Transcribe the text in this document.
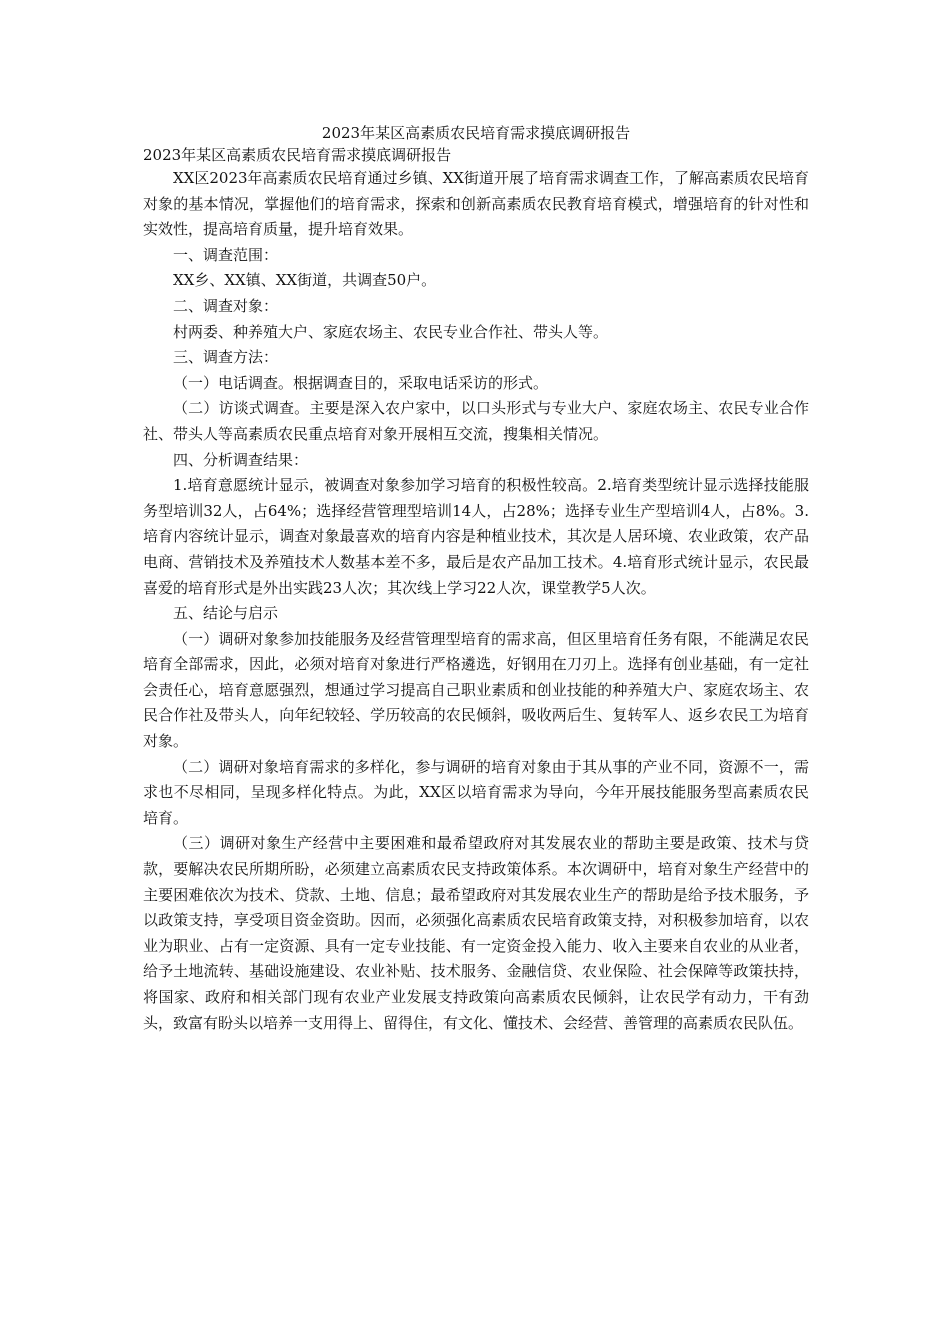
2023年某区高素质农民培育需求摸底调研报告

2023年某区高素质农民培育需求摸底调研报告

XX区2023年高素质农民培育通过乡镇、XX街道开展了培育需求调查工作，了解高素质农民培育对象的基本情况，掌握他们的培育需求，探索和创新高素质农民教育培育模式，增强培育的针对性和实效性，提高培育质量，提升培育效果。

一、调查范围：

XX乡、XX镇、XX街道，共调查50户。

二、调查对象：

村两委、种养殖大户、家庭农场主、农民专业合作社、带头人等。

三、调查方法：

（一）电话调查。根据调查目的，采取电话采访的形式。

（二）访谈式调查。主要是深入农户家中，以口头形式与专业大户、家庭农场主、农民专业合作社、带头人等高素质农民重点培育对象开展相互交流，搜集相关情况。

四、分析调查结果：

1.培育意愿统计显示，被调查对象参加学习培育的积极性较高。2.培育类型统计显示选择技能服务型培训32人，占64%；选择经营管理型培训14人，占28%；选择专业生产型培训4人，占8%。3.培育内容统计显示，调查对象最喜欢的培育内容是种植业技术，其次是人居环境、农业政策，农产品电商、营销技术及养殖技术人数基本差不多，最后是农产品加工技术。4.培育形式统计显示，农民最喜爱的培育形式是外出实践23人次；其次线上学习22人次，课堂教学5人次。

五、结论与启示

（一）调研对象参加技能服务及经营管理型培育的需求高，但区里培育任务有限，不能满足农民培育全部需求，因此，必须对培育对象进行严格遴选，好钢用在刀刃上。选择有创业基础，有一定社会责任心，培育意愿强烈，想通过学习提高自己职业素质和创业技能的种养殖大户、家庭农场主、农民合作社及带头人，向年纪较轻、学历较高的农民倾斜，吸收两后生、复转军人、返乡农民工为培育对象。

（二）调研对象培育需求的多样化，参与调研的培育对象由于其从事的产业不同，资源不一，需求也不尽相同，呈现多样化特点。为此，XX区以培育需求为导向，今年开展技能服务型高素质农民培育。

（三）调研对象生产经营中主要困难和最希望政府对其发展农业的帮助主要是政策、技术与贷款，要解决农民所期所盼，必须建立高素质农民支持政策体系。本次调研中，培育对象生产经营中的主要困难依次为技术、贷款、土地、信息；最希望政府对其发展农业生产的帮助是给予技术服务，予以政策支持，享受项目资金资助。因而，必须强化高素质农民培育政策支持，对积极参加培育，以农业为职业、占有一定资源、具有一定专业技能、有一定资金投入能力、收入主要来自农业的从业者，给予土地流转、基础设施建设、农业补贴、技术服务、金融信贷、农业保险、社会保障等政策扶持，将国家、政府和相关部门现有农业产业发展支持政策向高素质农民倾斜，让农民学有动力，干有劲头，致富有盼头以培养一支用得上、留得住，有文化、懂技术、会经营、善管理的高素质农民队伍。
